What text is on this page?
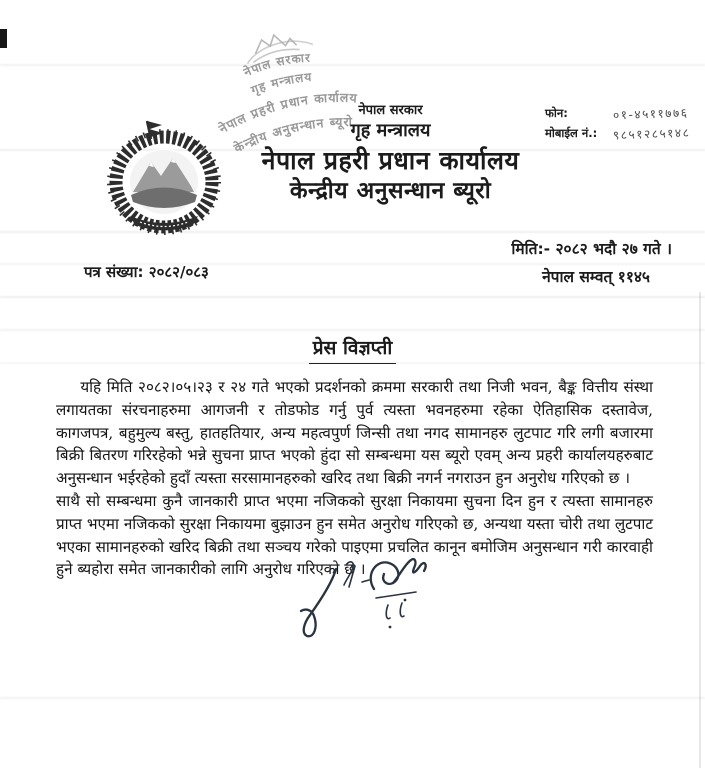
नेपाल सरकार
गृह मन्त्रालय
नेपाल प्रहरी प्रधान कार्यालय
केन्द्रीय अनुसन्धान ब्यूरो
नेपाल सरकार
गृह मन्त्रालय
नेपाल प्रहरी प्रधान कार्यालय
केन्द्रीय अनुसन्धान ब्यूरो
फोन:	०१-४५११७७६
मोबाईल नं.:	९८५१२८५१४८
मिति:- २०८२ भदौ २७ गते ।
नेपाल सम्वत् ११४५
पत्र संख्या: २०८२/०८३
प्रेस विज्ञप्ती

यहि मिति २०८२।०५।२३ र २४ गते भएको प्रदर्शनको क्रममा सरकारी तथा निजी भवन, बैङ्क वित्तीय संस्था लगायतका संरचनाहरुमा आगजनी र तोडफोड गर्नु पुर्व त्यस्ता भवनहरुमा रहेका ऐतिहासिक दस्तावेज, कागजपत्र, बहुमुल्य बस्तु, हातहतियार, अन्य महत्वपुर्ण जिन्सी तथा नगद सामानहरु लुटपाट गरि लगी बजारमा बिक्री बितरण गरिरहेको भन्ने सुचना प्राप्त भएको हुंदा सो सम्बन्धमा यस ब्यूरो एवम् अन्य प्रहरी कार्यालयहरुबाट अनुसन्धान भईरहेको हुदाँ त्यस्ता सरसामानहरुको खरिद तथा बिक्री नगर्न नगराउन हुन अनुरोध गरिएको छ ।

साथै सो सम्बन्धमा कुनै जानकारी प्राप्त भएमा नजिकको सुरक्षा निकायमा सुचना दिन हुन र त्यस्ता सामानहरु प्राप्त भएमा नजिकको सुरक्षा निकायमा बुझाउन हुन समेत अनुरोध गरिएको छ, अन्यथा यस्ता चोरी तथा लुटपाट भएका सामानहरुको खरिद बिक्री तथा सञ्चय गरेको पाइएमा प्रचलित कानून बमोजिम अनुसन्धान गरी कारवाही हुने ब्यहोरा समेत जानकारीको लागि अनुरोध गरिएको छ ।
